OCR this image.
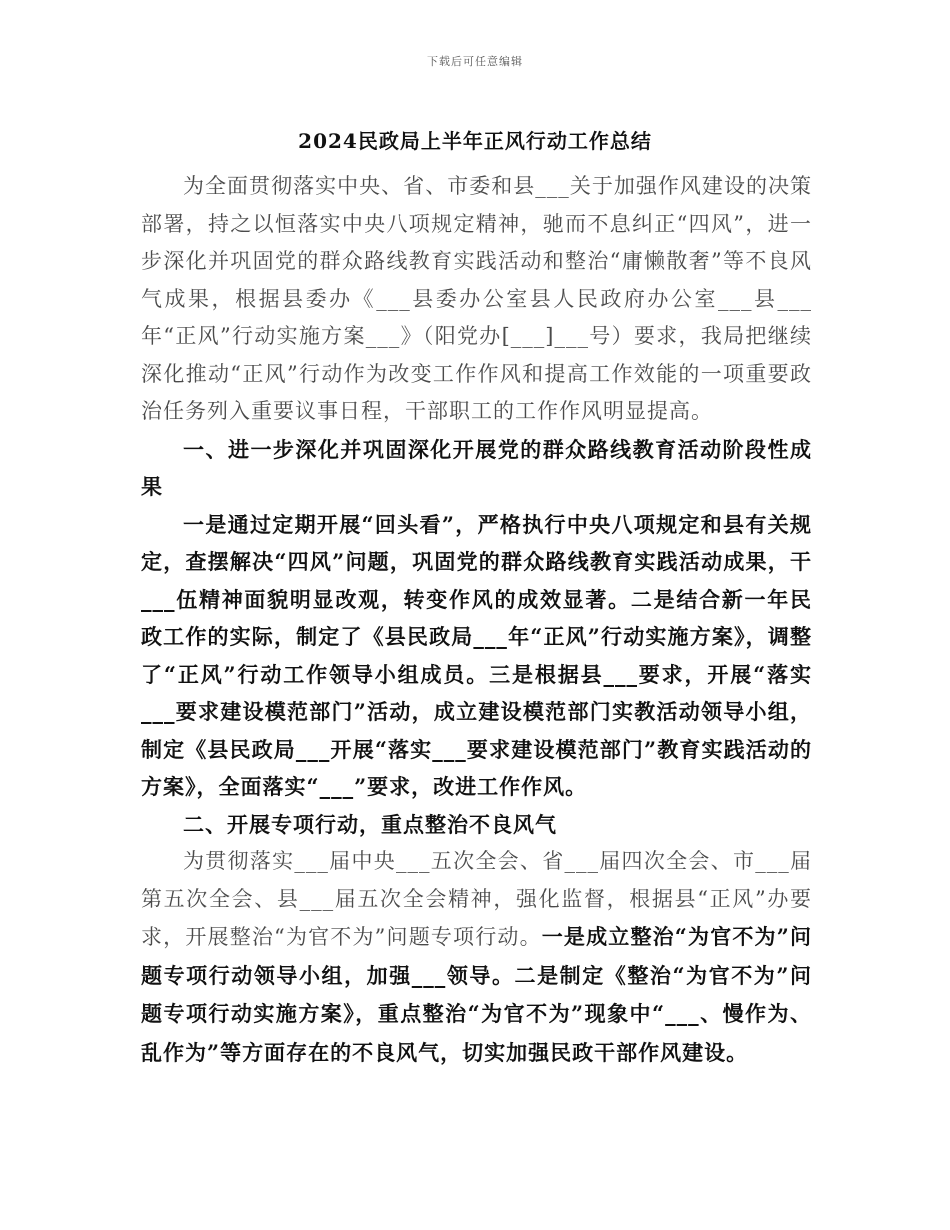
下载后可任意编辑
2024民政局上半年正风行动工作总结

为全面贯彻落实中央、省、市委和县___关于加强作风建设的决策部署，持之以恒落实中央八项规定精神，驰而不息纠正“四风”，进一步深化并巩固党的群众路线教育实践活动和整治“庸懒散奢”等不良风气成果，根据县委办《___县委办公室县人民政府办公室___县___年“正风”行动实施方案___》（阳党办[___]___号）要求，我局把继续深化推动“正风”行动作为改变工作作风和提高工作效能的一项重要政治任务列入重要议事日程，干部职工的工作作风明显提高。

一、进一步深化并巩固深化开展党的群众路线教育活动阶段性成果

一是通过定期开展“回头看”，严格执行中央八项规定和县有关规定，查摆解决“四风”问题，巩固党的群众路线教育实践活动成果，干___伍精神面貌明显改观，转变作风的成效显著。二是结合新一年民政工作的实际，制定了《县民政局___年“正风”行动实施方案》，调整了“正风”行动工作领导小组成员。三是根据县___要求，开展“落实___要求建设模范部门”活动，成立建设模范部门实教活动领导小组，制定《县民政局___开展“落实___要求建设模范部门”教育实践活动的方案》，全面落实“___”要求，改进工作作风。

二、开展专项行动，重点整治不良风气

为贯彻落实___届中央___五次全会、省___届四次全会、市___届第五次全会、县___届五次全会精神，强化监督，根据县“正风”办要求，开展整治“为官不为”问题专项行动。一是成立整治“为官不为”问题专项行动领导小组，加强___领导。二是制定《整治“为官不为”问题专项行动实施方案》，重点整治“为官不为”现象中“___、慢作为、乱作为”等方面存在的不良风气，切实加强民政干部作风建设。
